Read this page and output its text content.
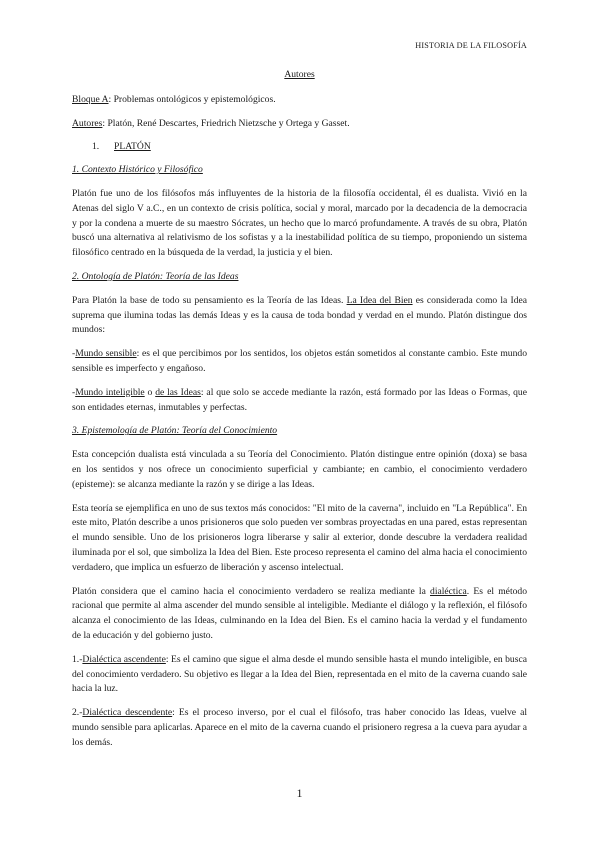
HISTORIA DE LA FILOSOFÍA
Autores

Bloque A: Problemas ontológicos y epistemológicos.

Autores: Platón, René Descartes, Friedrich Nietzsche y Ortega y Gasset.

1. PLATÓN
1. Contexto Histórico y Filosófico

Platón fue uno de los filósofos más influyentes de la historia de la filosofía occidental, él es dualista. Vivió en la Atenas del siglo V a.C., en un contexto de crisis política, social y moral, marcado por la decadencia de la democracia y por la condena a muerte de su maestro Sócrates, un hecho que lo marcó profundamente. A través de su obra, Platón buscó una alternativa al relativismo de los sofistas y a la inestabilidad política de su tiempo, proponiendo un sistema filosófico centrado en la búsqueda de la verdad, la justicia y el bien.

2. Ontología de Platón: Teoría de las Ideas

Para Platón la base de todo su pensamiento es la Teoría de las Ideas. La Idea del Bien es considerada como la Idea suprema que ilumina todas las demás Ideas y es la causa de toda bondad y verdad en el mundo. Platón distingue dos mundos:

-Mundo sensible: es el que percibimos por los sentidos, los objetos están sometidos al constante cambio. Este mundo sensible es imperfecto y engañoso.

-Mundo inteligible o de las Ideas: al que solo se accede mediante la razón, está formado por las Ideas o Formas, que son entidades eternas, inmutables y perfectas.

3. Epistemología de Platón: Teoría del Conocimiento

Esta concepción dualista está vinculada a su Teoría del Conocimiento. Platón distingue entre opinión (doxa) se basa en los sentidos y nos ofrece un conocimiento superficial y cambiante; en cambio, el conocimiento verdadero (episteme): se alcanza mediante la razón y se dirige a las Ideas.

Esta teoría se ejemplifica en uno de sus textos más conocidos: "El mito de la caverna", incluido en "La República". En este mito, Platón describe a unos prisioneros que solo pueden ver sombras proyectadas en una pared, estas representan el mundo sensible. Uno de los prisioneros logra liberarse y salir al exterior, donde descubre la verdadera realidad iluminada por el sol, que simboliza la Idea del Bien. Este proceso representa el camino del alma hacia el conocimiento verdadero, que implica un esfuerzo de liberación y ascenso intelectual.

Platón considera que el camino hacia el conocimiento verdadero se realiza mediante la dialéctica. Es el método racional que permite al alma ascender del mundo sensible al inteligible. Mediante el diálogo y la reflexión, el filósofo alcanza el conocimiento de las Ideas, culminando en la Idea del Bien. Es el camino hacia la verdad y el fundamento de la educación y del gobierno justo.

1.-Dialéctica ascendente: Es el camino que sigue el alma desde el mundo sensible hasta el mundo inteligible, en busca del conocimiento verdadero. Su objetivo es llegar a la Idea del Bien, representada en el mito de la caverna cuando sale hacia la luz.

2.-Dialéctica descendente: Es el proceso inverso, por el cual el filósofo, tras haber conocido las Ideas, vuelve al mundo sensible para aplicarlas. Aparece en el mito de la caverna cuando el prisionero regresa a la cueva para ayudar a los demás.

1
